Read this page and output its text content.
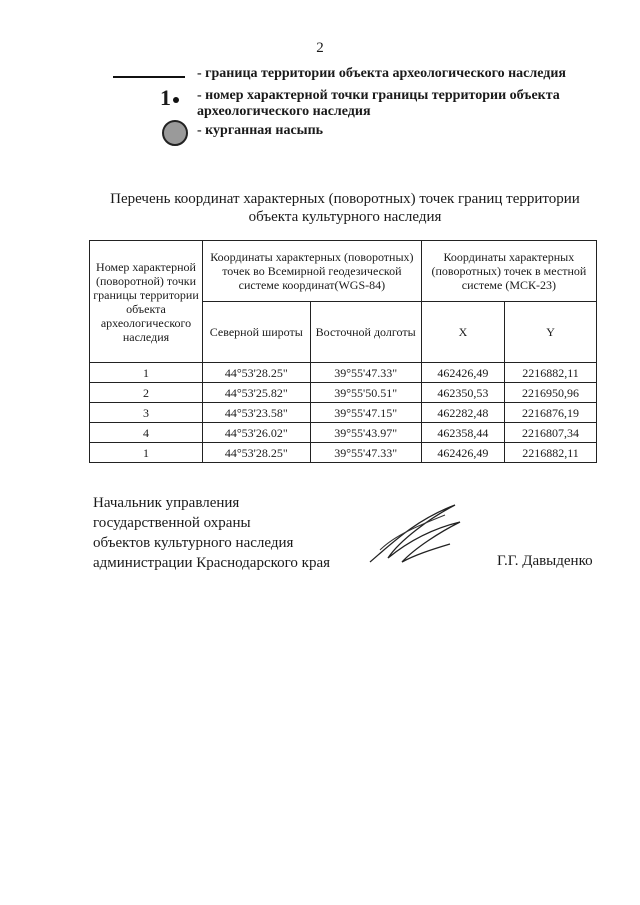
2
- граница территории объекта археологического наследия
1	- номер характерной точки границы территории объекта археологического наследия
- курганная насыпь
Перечень координат характерных (поворотных) точек границ территории объекта культурного наследия
Номер характерной (поворотной) точки границы территории объекта археологического наследия	Координаты характерных (поворотных) точек во Всемирной геодезической системе координат(WGS-84)		Координаты характерных (поворотных) точек в местной системе (МСК-23)	
	Северной широты	Восточной долготы	X	Y
1	44°53'28.25"	39°55'47.33"	462426,49	2216882,11
2	44°53'25.82"	39°55'50.51"	462350,53	2216950,96
3	44°53'23.58"	39°55'47.15"	462282,48	2216876,19
4	44°53'26.02"	39°55'43.97"	462358,44	2216807,34
1	44°53'28.25"	39°55'47.33"	462426,49	2216882,11
Начальник управления
государственной охраны
объектов культурного наследия
администрации Краснодарского края	Г.Г. Давыденко
